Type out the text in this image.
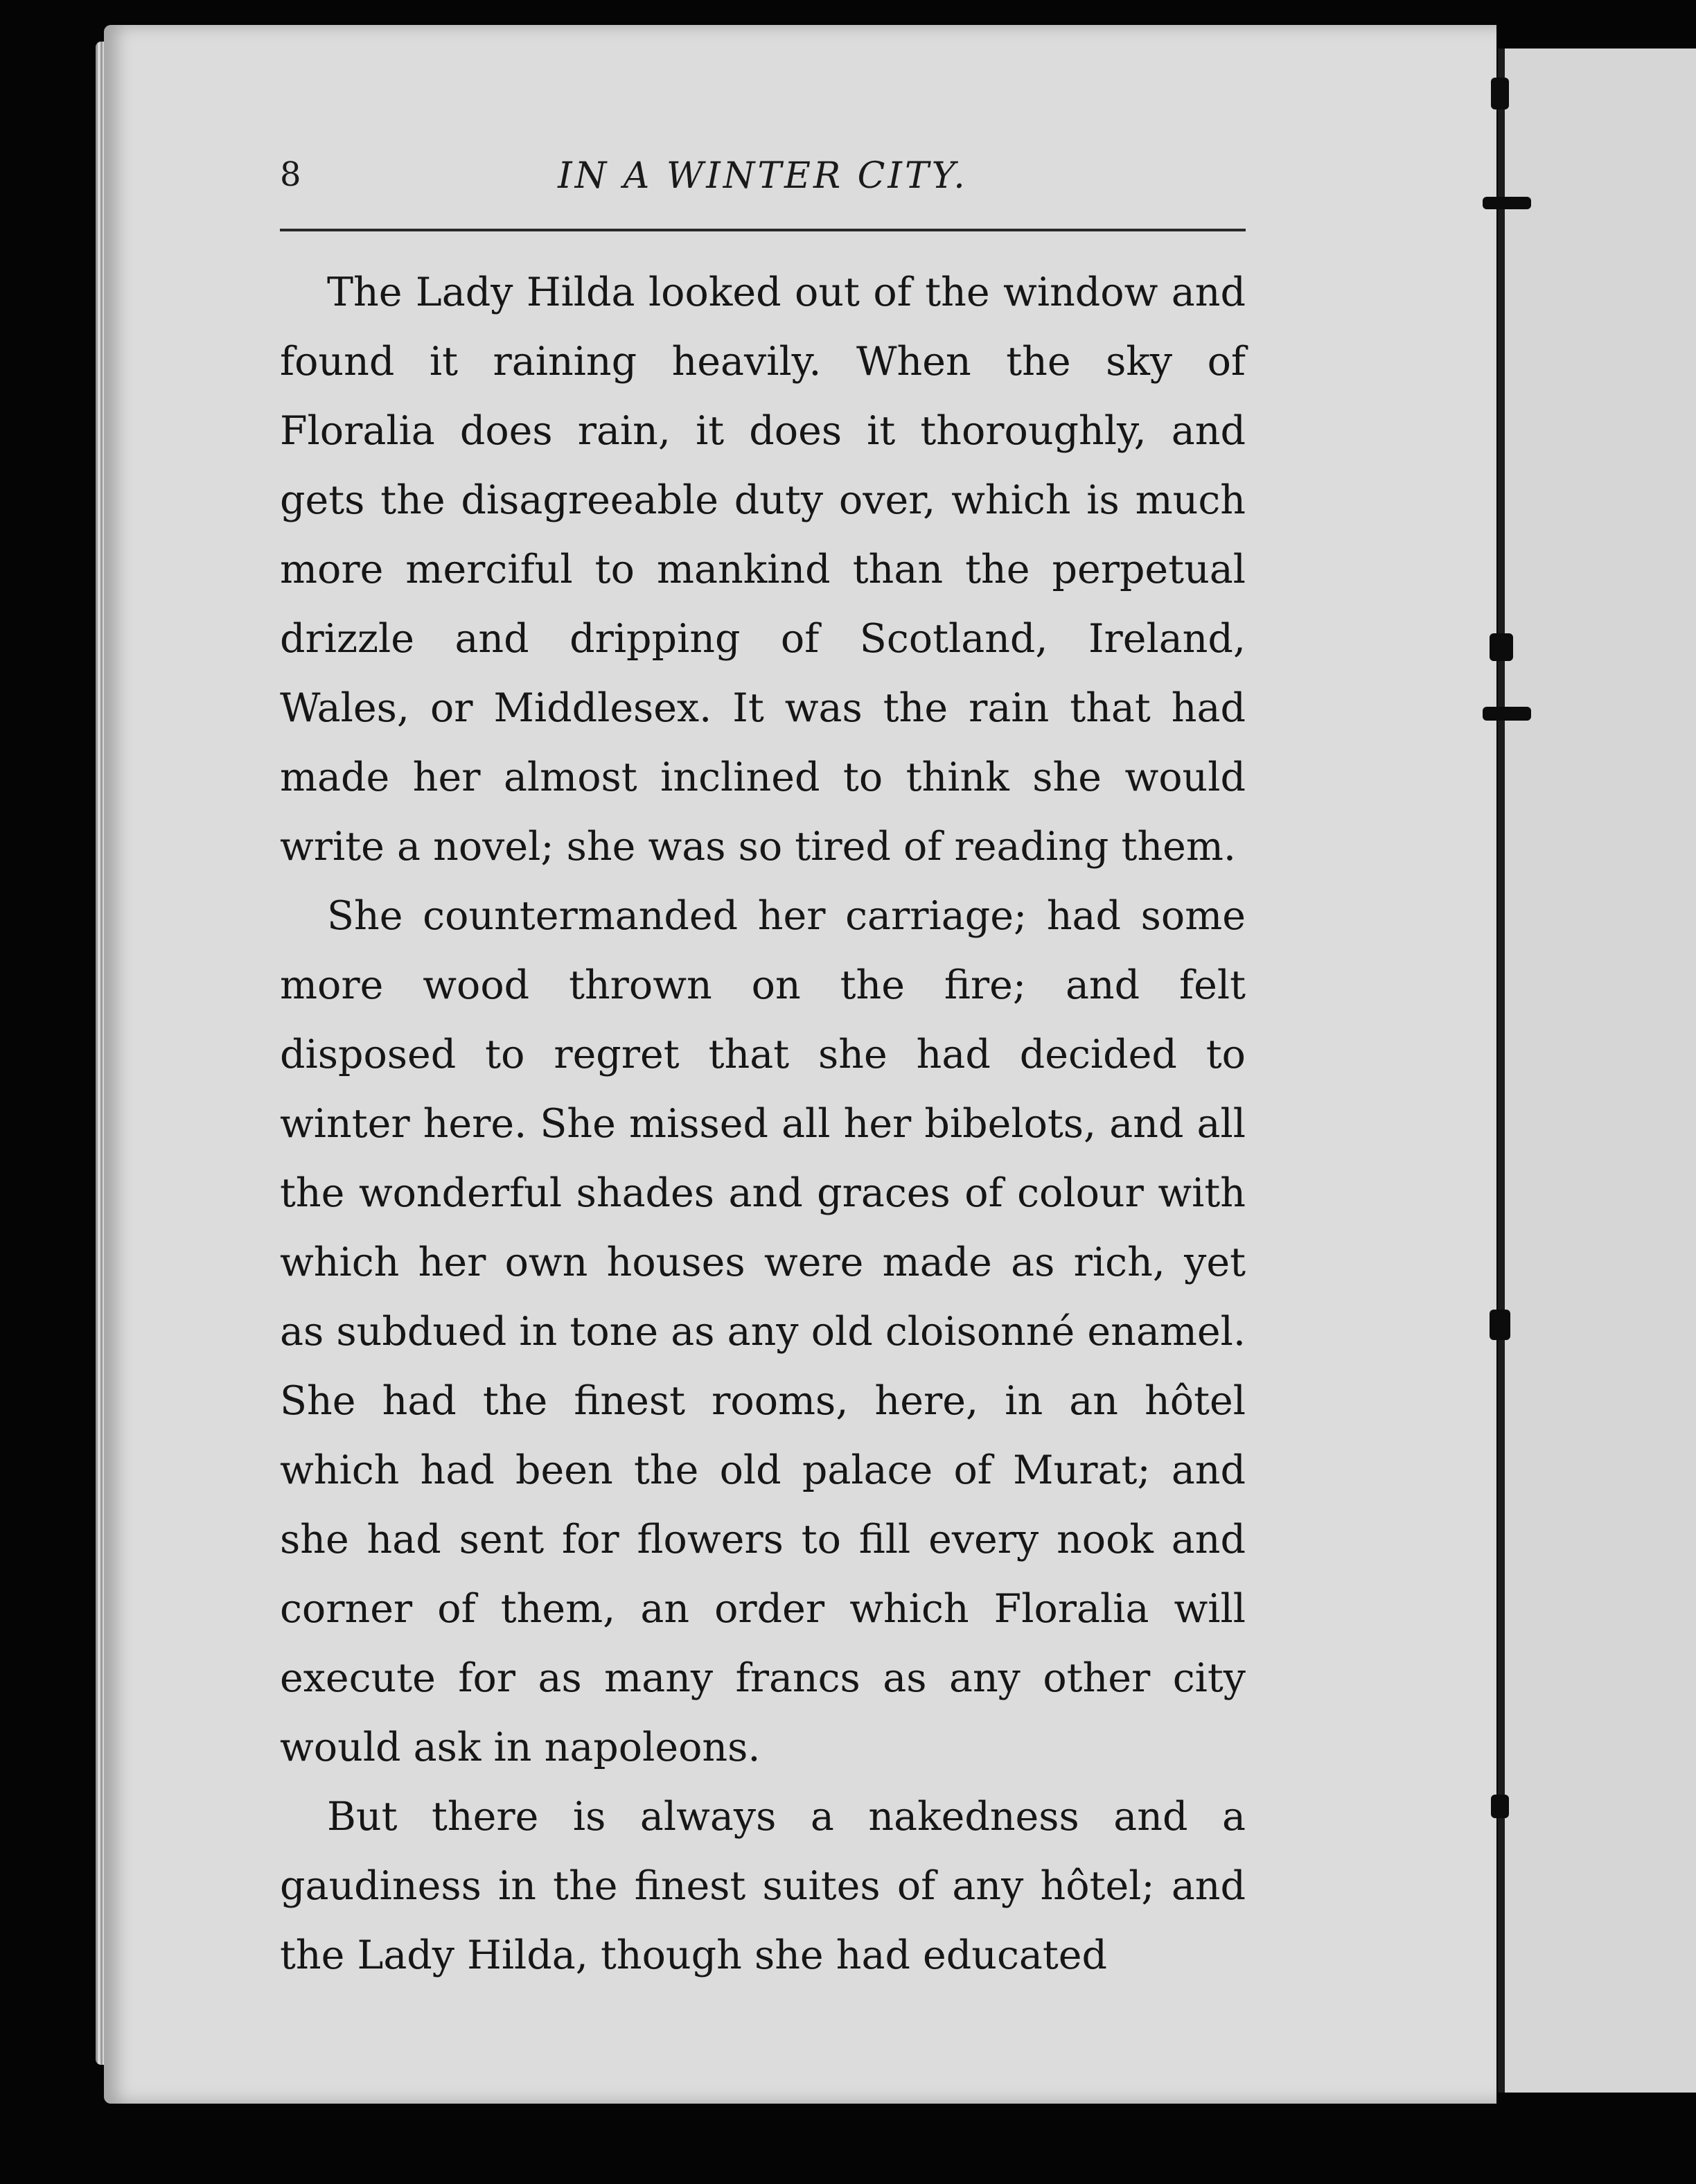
8	IN A WINTER CITY.

The Lady Hilda looked out of the window and found it raining heavily. When the sky of Floralia does rain, it does it thoroughly, and gets the disagreeable duty over, which is much more merciful to mankind than the perpetual drizzle and dripping of Scotland, Ireland, Wales, or Middlesex. It was the rain that had made her almost inclined to think she would write a novel; she was so tired of reading them.

She countermanded her carriage; had some more wood thrown on the fire; and felt disposed to regret that she had decided to winter here. She missed all her bibelots, and all the wonderful shades and graces of colour with which her own houses were made as rich, yet as subdued in tone as any old cloisonné enamel. She had the finest rooms, here, in an hôtel which had been the old palace of Murat; and she had sent for flowers to fill every nook and corner of them, an order which Floralia will execute for as many francs as any other city would ask in napoleons.

But there is always a nakedness and a gaudiness in the finest suites of any hôtel; and the Lady Hilda, though she had educated
